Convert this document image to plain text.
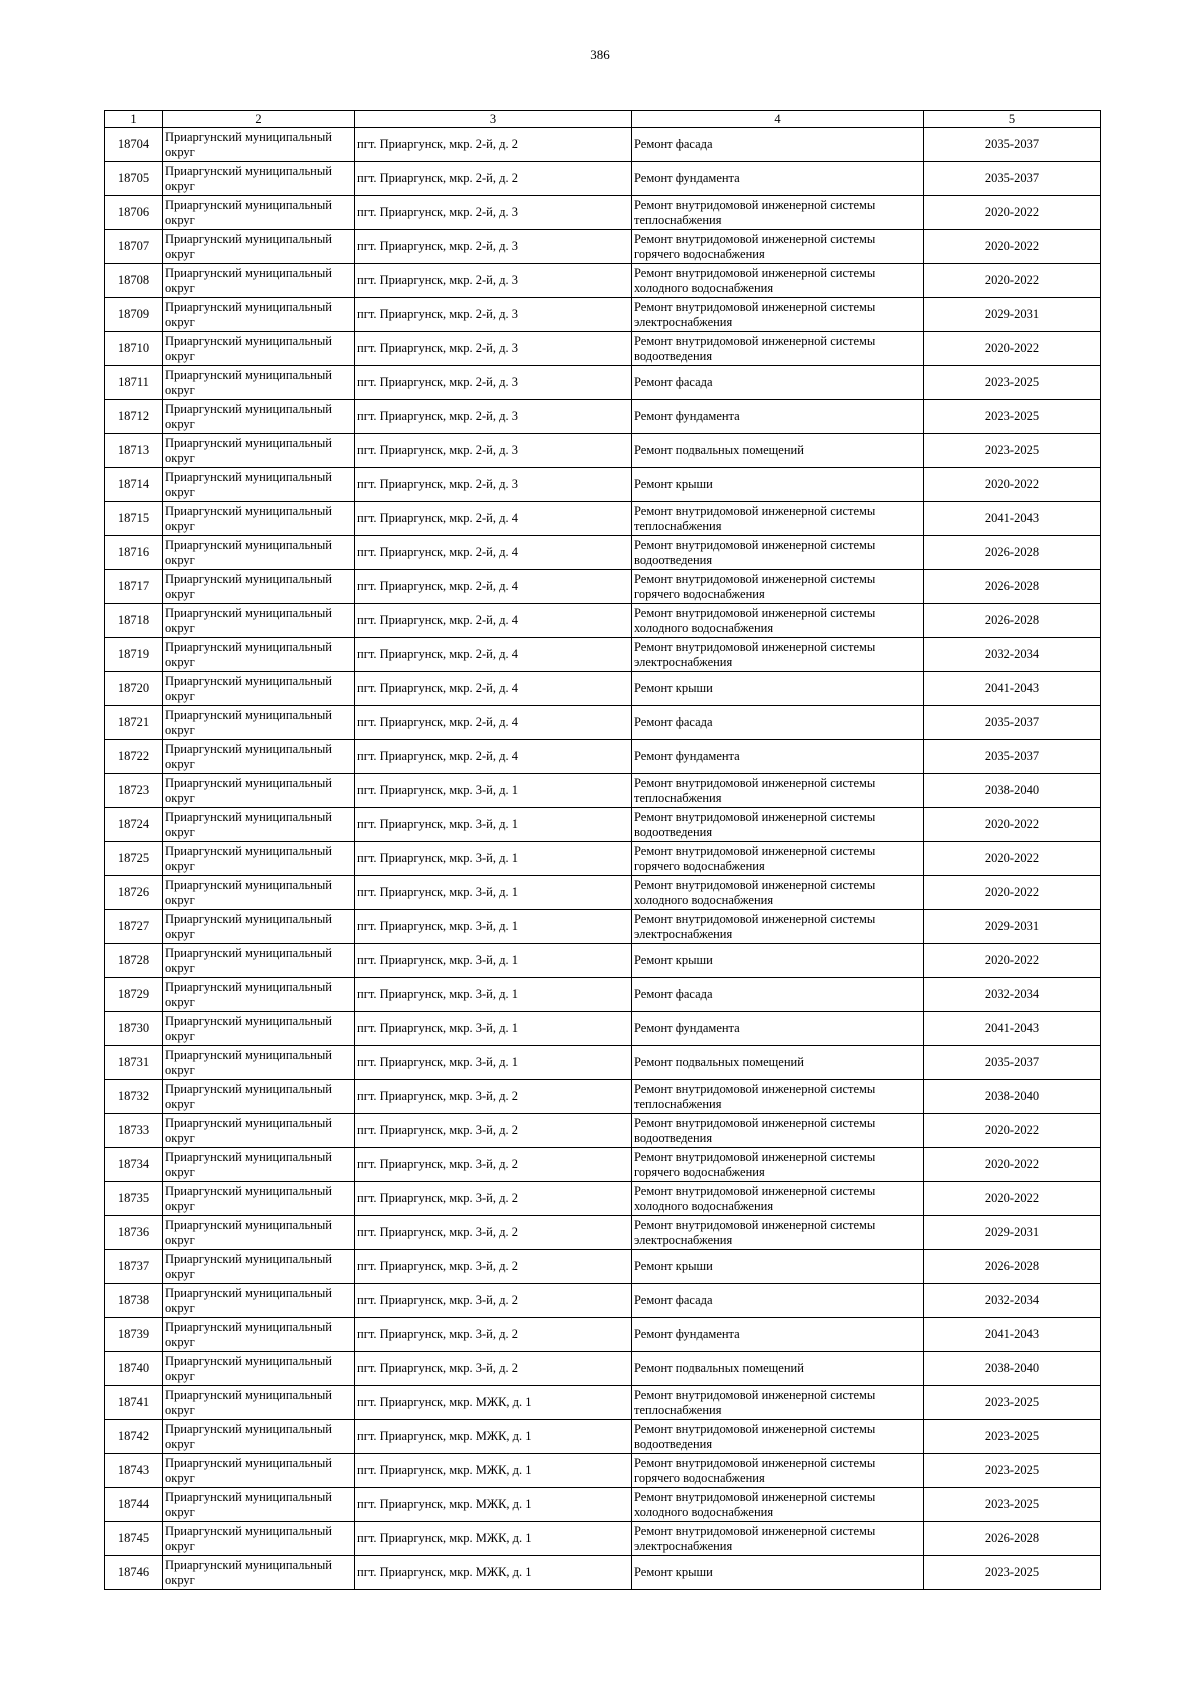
386
1	2	3	4	5
18704	Приаргунский муниципальный округ	пгт. Приаргунск, мкр. 2-й, д. 2	Ремонт фасада	2035-2037
18705	Приаргунский муниципальный округ	пгт. Приаргунск, мкр. 2-й, д. 2	Ремонт фундамента	2035-2037
18706	Приаргунский муниципальный округ	пгт. Приаргунск, мкр. 2-й, д. 3	Ремонт внутридомовой инженерной системы теплоснабжения	2020-2022
18707	Приаргунский муниципальный округ	пгт. Приаргунск, мкр. 2-й, д. 3	Ремонт внутридомовой инженерной системы горячего водоснабжения	2020-2022
18708	Приаргунский муниципальный округ	пгт. Приаргунск, мкр. 2-й, д. 3	Ремонт внутридомовой инженерной системы холодного водоснабжения	2020-2022
18709	Приаргунский муниципальный округ	пгт. Приаргунск, мкр. 2-й, д. 3	Ремонт внутридомовой инженерной системы электроснабжения	2029-2031
18710	Приаргунский муниципальный округ	пгт. Приаргунск, мкр. 2-й, д. 3	Ремонт внутридомовой инженерной системы водоотведения	2020-2022
18711	Приаргунский муниципальный округ	пгт. Приаргунск, мкр. 2-й, д. 3	Ремонт фасада	2023-2025
18712	Приаргунский муниципальный округ	пгт. Приаргунск, мкр. 2-й, д. 3	Ремонт фундамента	2023-2025
18713	Приаргунский муниципальный округ	пгт. Приаргунск, мкр. 2-й, д. 3	Ремонт подвальных помещений	2023-2025
18714	Приаргунский муниципальный округ	пгт. Приаргунск, мкр. 2-й, д. 3	Ремонт крыши	2020-2022
18715	Приаргунский муниципальный округ	пгт. Приаргунск, мкр. 2-й, д. 4	Ремонт внутридомовой инженерной системы теплоснабжения	2041-2043
18716	Приаргунский муниципальный округ	пгт. Приаргунск, мкр. 2-й, д. 4	Ремонт внутридомовой инженерной системы водоотведения	2026-2028
18717	Приаргунский муниципальный округ	пгт. Приаргунск, мкр. 2-й, д. 4	Ремонт внутридомовой инженерной системы горячего водоснабжения	2026-2028
18718	Приаргунский муниципальный округ	пгт. Приаргунск, мкр. 2-й, д. 4	Ремонт внутридомовой инженерной системы холодного водоснабжения	2026-2028
18719	Приаргунский муниципальный округ	пгт. Приаргунск, мкр. 2-й, д. 4	Ремонт внутридомовой инженерной системы электроснабжения	2032-2034
18720	Приаргунский муниципальный округ	пгт. Приаргунск, мкр. 2-й, д. 4	Ремонт крыши	2041-2043
18721	Приаргунский муниципальный округ	пгт. Приаргунск, мкр. 2-й, д. 4	Ремонт фасада	2035-2037
18722	Приаргунский муниципальный округ	пгт. Приаргунск, мкр. 2-й, д. 4	Ремонт фундамента	2035-2037
18723	Приаргунский муниципальный округ	пгт. Приаргунск, мкр. 3-й, д. 1	Ремонт внутридомовой инженерной системы теплоснабжения	2038-2040
18724	Приаргунский муниципальный округ	пгт. Приаргунск, мкр. 3-й, д. 1	Ремонт внутридомовой инженерной системы водоотведения	2020-2022
18725	Приаргунский муниципальный округ	пгт. Приаргунск, мкр. 3-й, д. 1	Ремонт внутридомовой инженерной системы горячего водоснабжения	2020-2022
18726	Приаргунский муниципальный округ	пгт. Приаргунск, мкр. 3-й, д. 1	Ремонт внутридомовой инженерной системы холодного водоснабжения	2020-2022
18727	Приаргунский муниципальный округ	пгт. Приаргунск, мкр. 3-й, д. 1	Ремонт внутридомовой инженерной системы электроснабжения	2029-2031
18728	Приаргунский муниципальный округ	пгт. Приаргунск, мкр. 3-й, д. 1	Ремонт крыши	2020-2022
18729	Приаргунский муниципальный округ	пгт. Приаргунск, мкр. 3-й, д. 1	Ремонт фасада	2032-2034
18730	Приаргунский муниципальный округ	пгт. Приаргунск, мкр. 3-й, д. 1	Ремонт фундамента	2041-2043
18731	Приаргунский муниципальный округ	пгт. Приаргунск, мкр. 3-й, д. 1	Ремонт подвальных помещений	2035-2037
18732	Приаргунский муниципальный округ	пгт. Приаргунск, мкр. 3-й, д. 2	Ремонт внутридомовой инженерной системы теплоснабжения	2038-2040
18733	Приаргунский муниципальный округ	пгт. Приаргунск, мкр. 3-й, д. 2	Ремонт внутридомовой инженерной системы водоотведения	2020-2022
18734	Приаргунский муниципальный округ	пгт. Приаргунск, мкр. 3-й, д. 2	Ремонт внутридомовой инженерной системы горячего водоснабжения	2020-2022
18735	Приаргунский муниципальный округ	пгт. Приаргунск, мкр. 3-й, д. 2	Ремонт внутридомовой инженерной системы холодного водоснабжения	2020-2022
18736	Приаргунский муниципальный округ	пгт. Приаргунск, мкр. 3-й, д. 2	Ремонт внутридомовой инженерной системы электроснабжения	2029-2031
18737	Приаргунский муниципальный округ	пгт. Приаргунск, мкр. 3-й, д. 2	Ремонт крыши	2026-2028
18738	Приаргунский муниципальный округ	пгт. Приаргунск, мкр. 3-й, д. 2	Ремонт фасада	2032-2034
18739	Приаргунский муниципальный округ	пгт. Приаргунск, мкр. 3-й, д. 2	Ремонт фундамента	2041-2043
18740	Приаргунский муниципальный округ	пгт. Приаргунск, мкр. 3-й, д. 2	Ремонт подвальных помещений	2038-2040
18741	Приаргунский муниципальный округ	пгт. Приаргунск, мкр. МЖК, д. 1	Ремонт внутридомовой инженерной системы теплоснабжения	2023-2025
18742	Приаргунский муниципальный округ	пгт. Приаргунск, мкр. МЖК, д. 1	Ремонт внутридомовой инженерной системы водоотведения	2023-2025
18743	Приаргунский муниципальный округ	пгт. Приаргунск, мкр. МЖК, д. 1	Ремонт внутридомовой инженерной системы горячего водоснабжения	2023-2025
18744	Приаргунский муниципальный округ	пгт. Приаргунск, мкр. МЖК, д. 1	Ремонт внутридомовой инженерной системы холодного водоснабжения	2023-2025
18745	Приаргунский муниципальный округ	пгт. Приаргунск, мкр. МЖК, д. 1	Ремонт внутридомовой инженерной системы электроснабжения	2026-2028
18746	Приаргунский муниципальный округ	пгт. Приаргунск, мкр. МЖК, д. 1	Ремонт крыши	2023-2025
